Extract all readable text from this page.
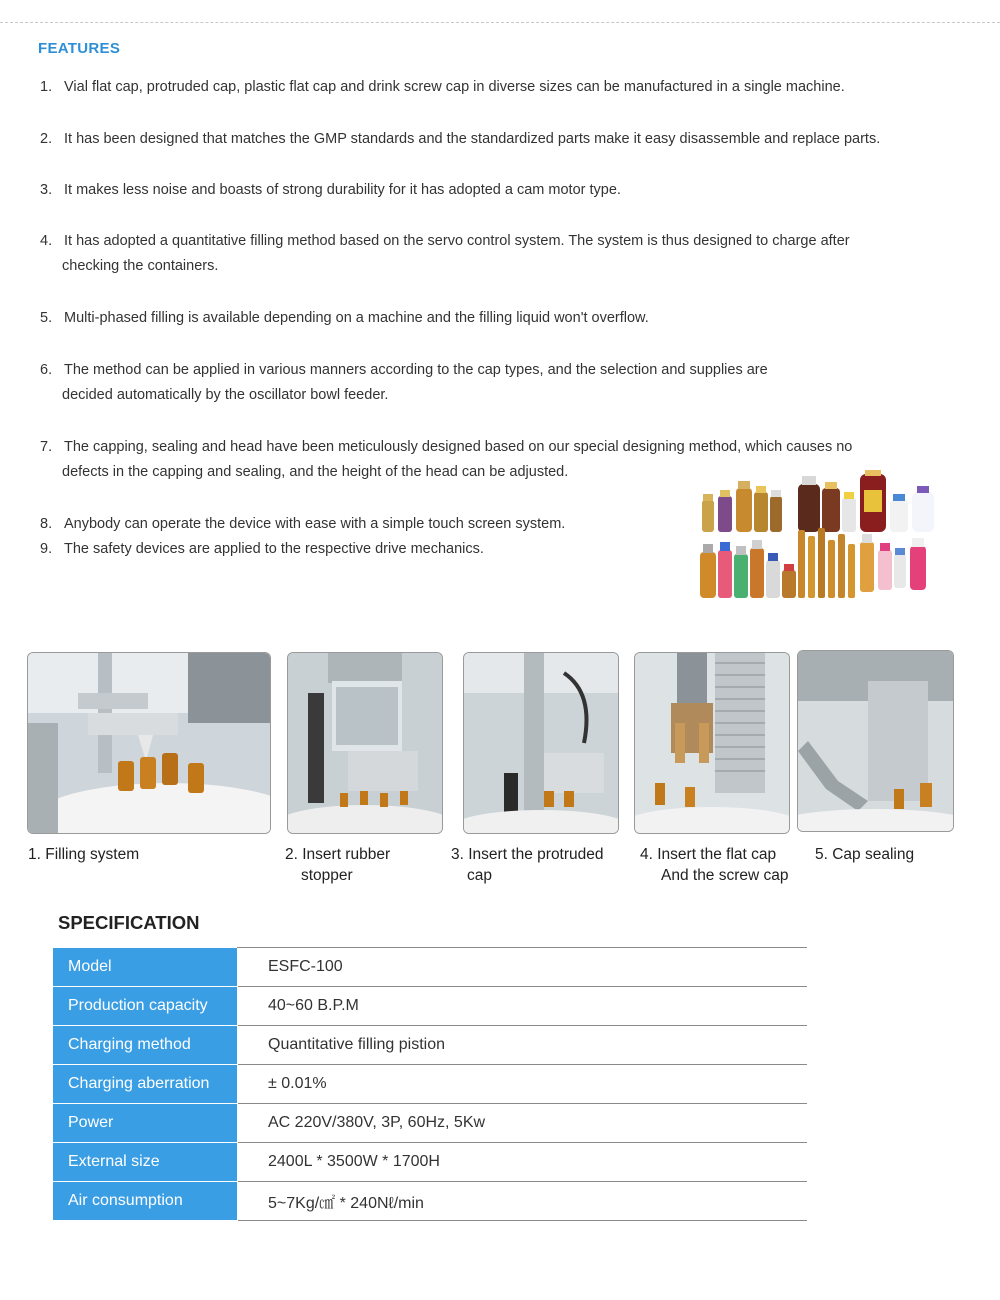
FEATURES
1. Vial flat cap, protruded cap, plastic flat cap and drink screw cap in diverse sizes can be manufactured in a single machine.
2. It has been designed that matches the GMP standards and the standardized parts make it easy disassemble and replace parts.
3. It makes less noise and boasts of strong durability for it has adopted a cam motor type.
4. It has adopted a quantitative filling method based on the servo control system. The system is thus designed to charge after
checking the containers.
5. Multi-phased filling is available depending on a machine and the filling liquid won't overflow.
6. The method can be applied in various manners according to the cap types, and the selection and supplies are
decided automatically by the oscillator bowl feeder.
7. The capping, sealing and head have been meticulously designed based on our special designing method, which causes no
defects in the capping and sealing, and the height of the head can be adjusted.
8. Anybody can operate the device with ease with a simple touch screen system.
9. The safety devices are applied to the respective drive mechanics.
1. Filling system	2. Insert rubber
stopper
3. Insert the protruded
cap
4. Insert the flat cap
And the screw cap
5. Cap sealing
SPECIFICATION
Model	ESFC-100
Production capacity	40~60 B.P.M
Charging method	Quantitative filling pistion
Charging aberration	± 0.01%
Power	AC 220V/380V, 3P, 60Hz, 5Kw
External size	2400L * 3500W * 1700H
Air consumption	5~7Kg/㎠ * 240Nℓ/min
